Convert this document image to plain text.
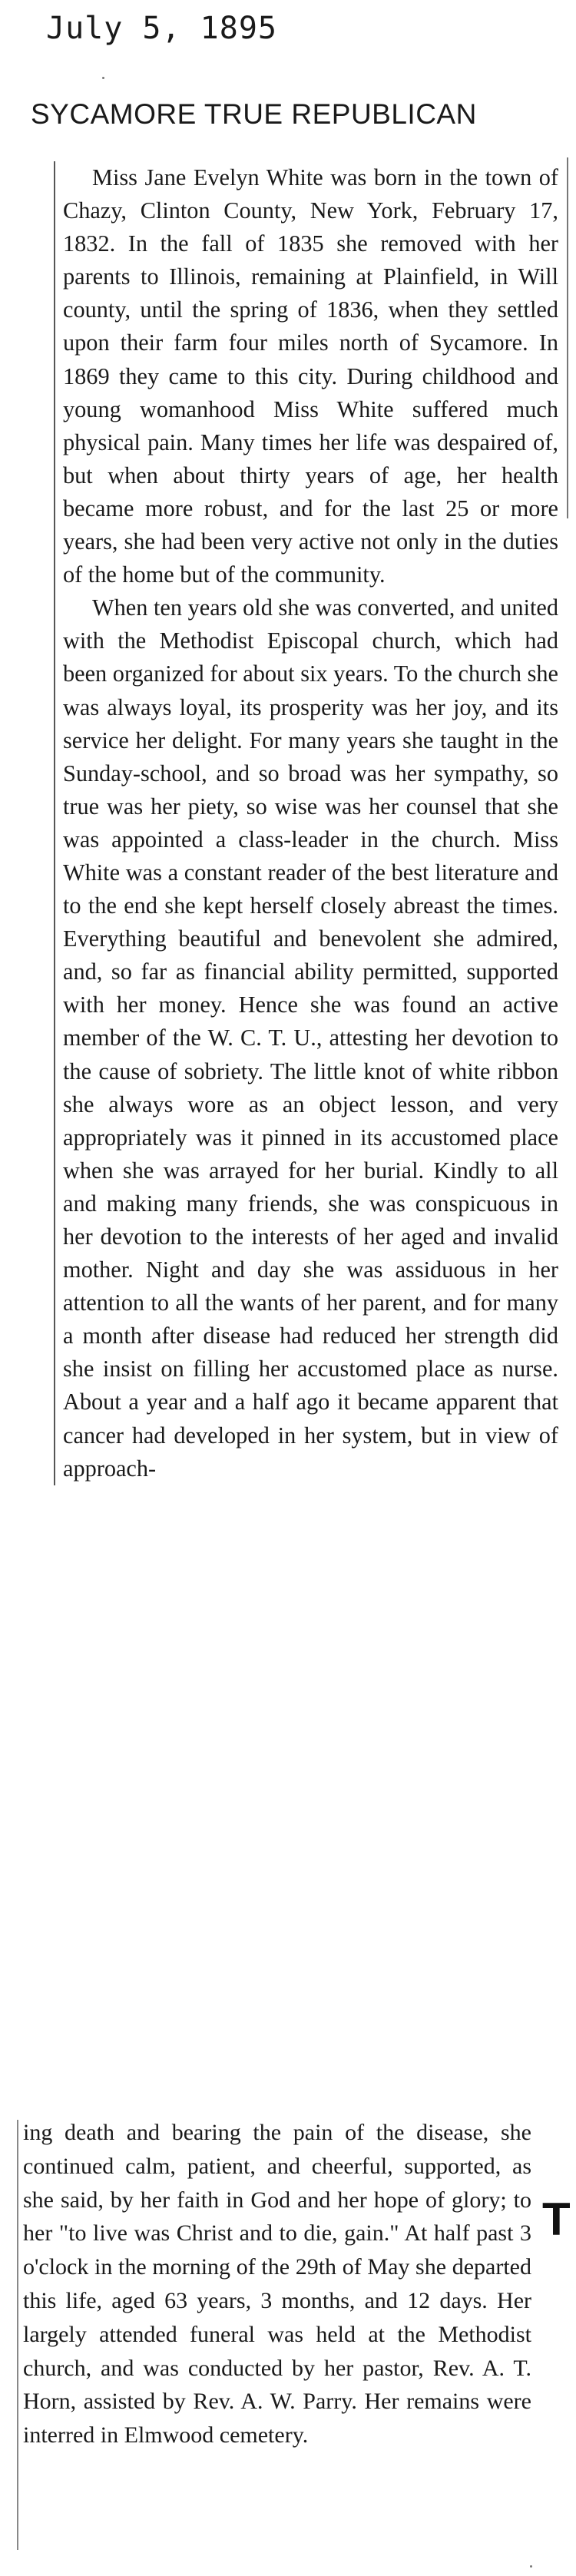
July 5, 1895
SYCAMORE TRUE REPUBLICAN

Miss Jane Evelyn White was born in the town of Chazy, Clinton County, New York, February 17, 1832. In the fall of 1835 she removed with her parents to Illinois, remaining at Plainfield, in Will county, until the spring of 1836, when they settled upon their farm four miles north of Sycamore. In 1869 they came to this city. During childhood and young womanhood Miss White suffered much physical pain. Many times her life was despaired of, but when about thirty years of age, her health became more robust, and for the last 25 or more years, she had been very active not only in the duties of the home but of the community.

When ten years old she was converted, and united with the Methodist Episcopal church, which had been organized for about six years. To the church she was always loyal, its prosperity was her joy, and its service her delight. For many years she taught in the Sunday-school, and so broad was her sympathy, so true was her piety, so wise was her counsel that she was appointed a class-leader in the church. Miss White was a constant reader of the best literature and to the end she kept herself closely abreast the times. Everything beautiful and benevolent she admired, and, so far as financial ability permitted, supported with her money. Hence she was found an active member of the W. C. T. U., attesting her devotion to the cause of sobriety. The little knot of white ribbon she always wore as an object lesson, and very appropriately was it pinned in its accustomed place when she was arrayed for her burial. Kindly to all and making many friends, she was conspicuous in her devotion to the interests of her aged and invalid mother. Night and day she was assiduous in her attention to all the wants of her parent, and for many a month after disease had reduced her strength did she insist on filling her accustomed place as nurse. About a year and a half ago it became apparent that cancer had developed in her system, but in view of approach-

ing death and bearing the pain of the disease, she continued calm, patient, and cheerful, supported, as she said, by her faith in God and her hope of glory; to her "to live was Christ and to die, gain." At half past 3 o'clock in the morning of the 29th of May she departed this life, aged 63 years, 3 months, and 12 days. Her largely attended funeral was held at the Methodist church, and was conducted by her pastor, Rev. A. T. Horn, assisted by Rev. A. W. Parry. Her remains were interred in Elmwood cemetery.

T
